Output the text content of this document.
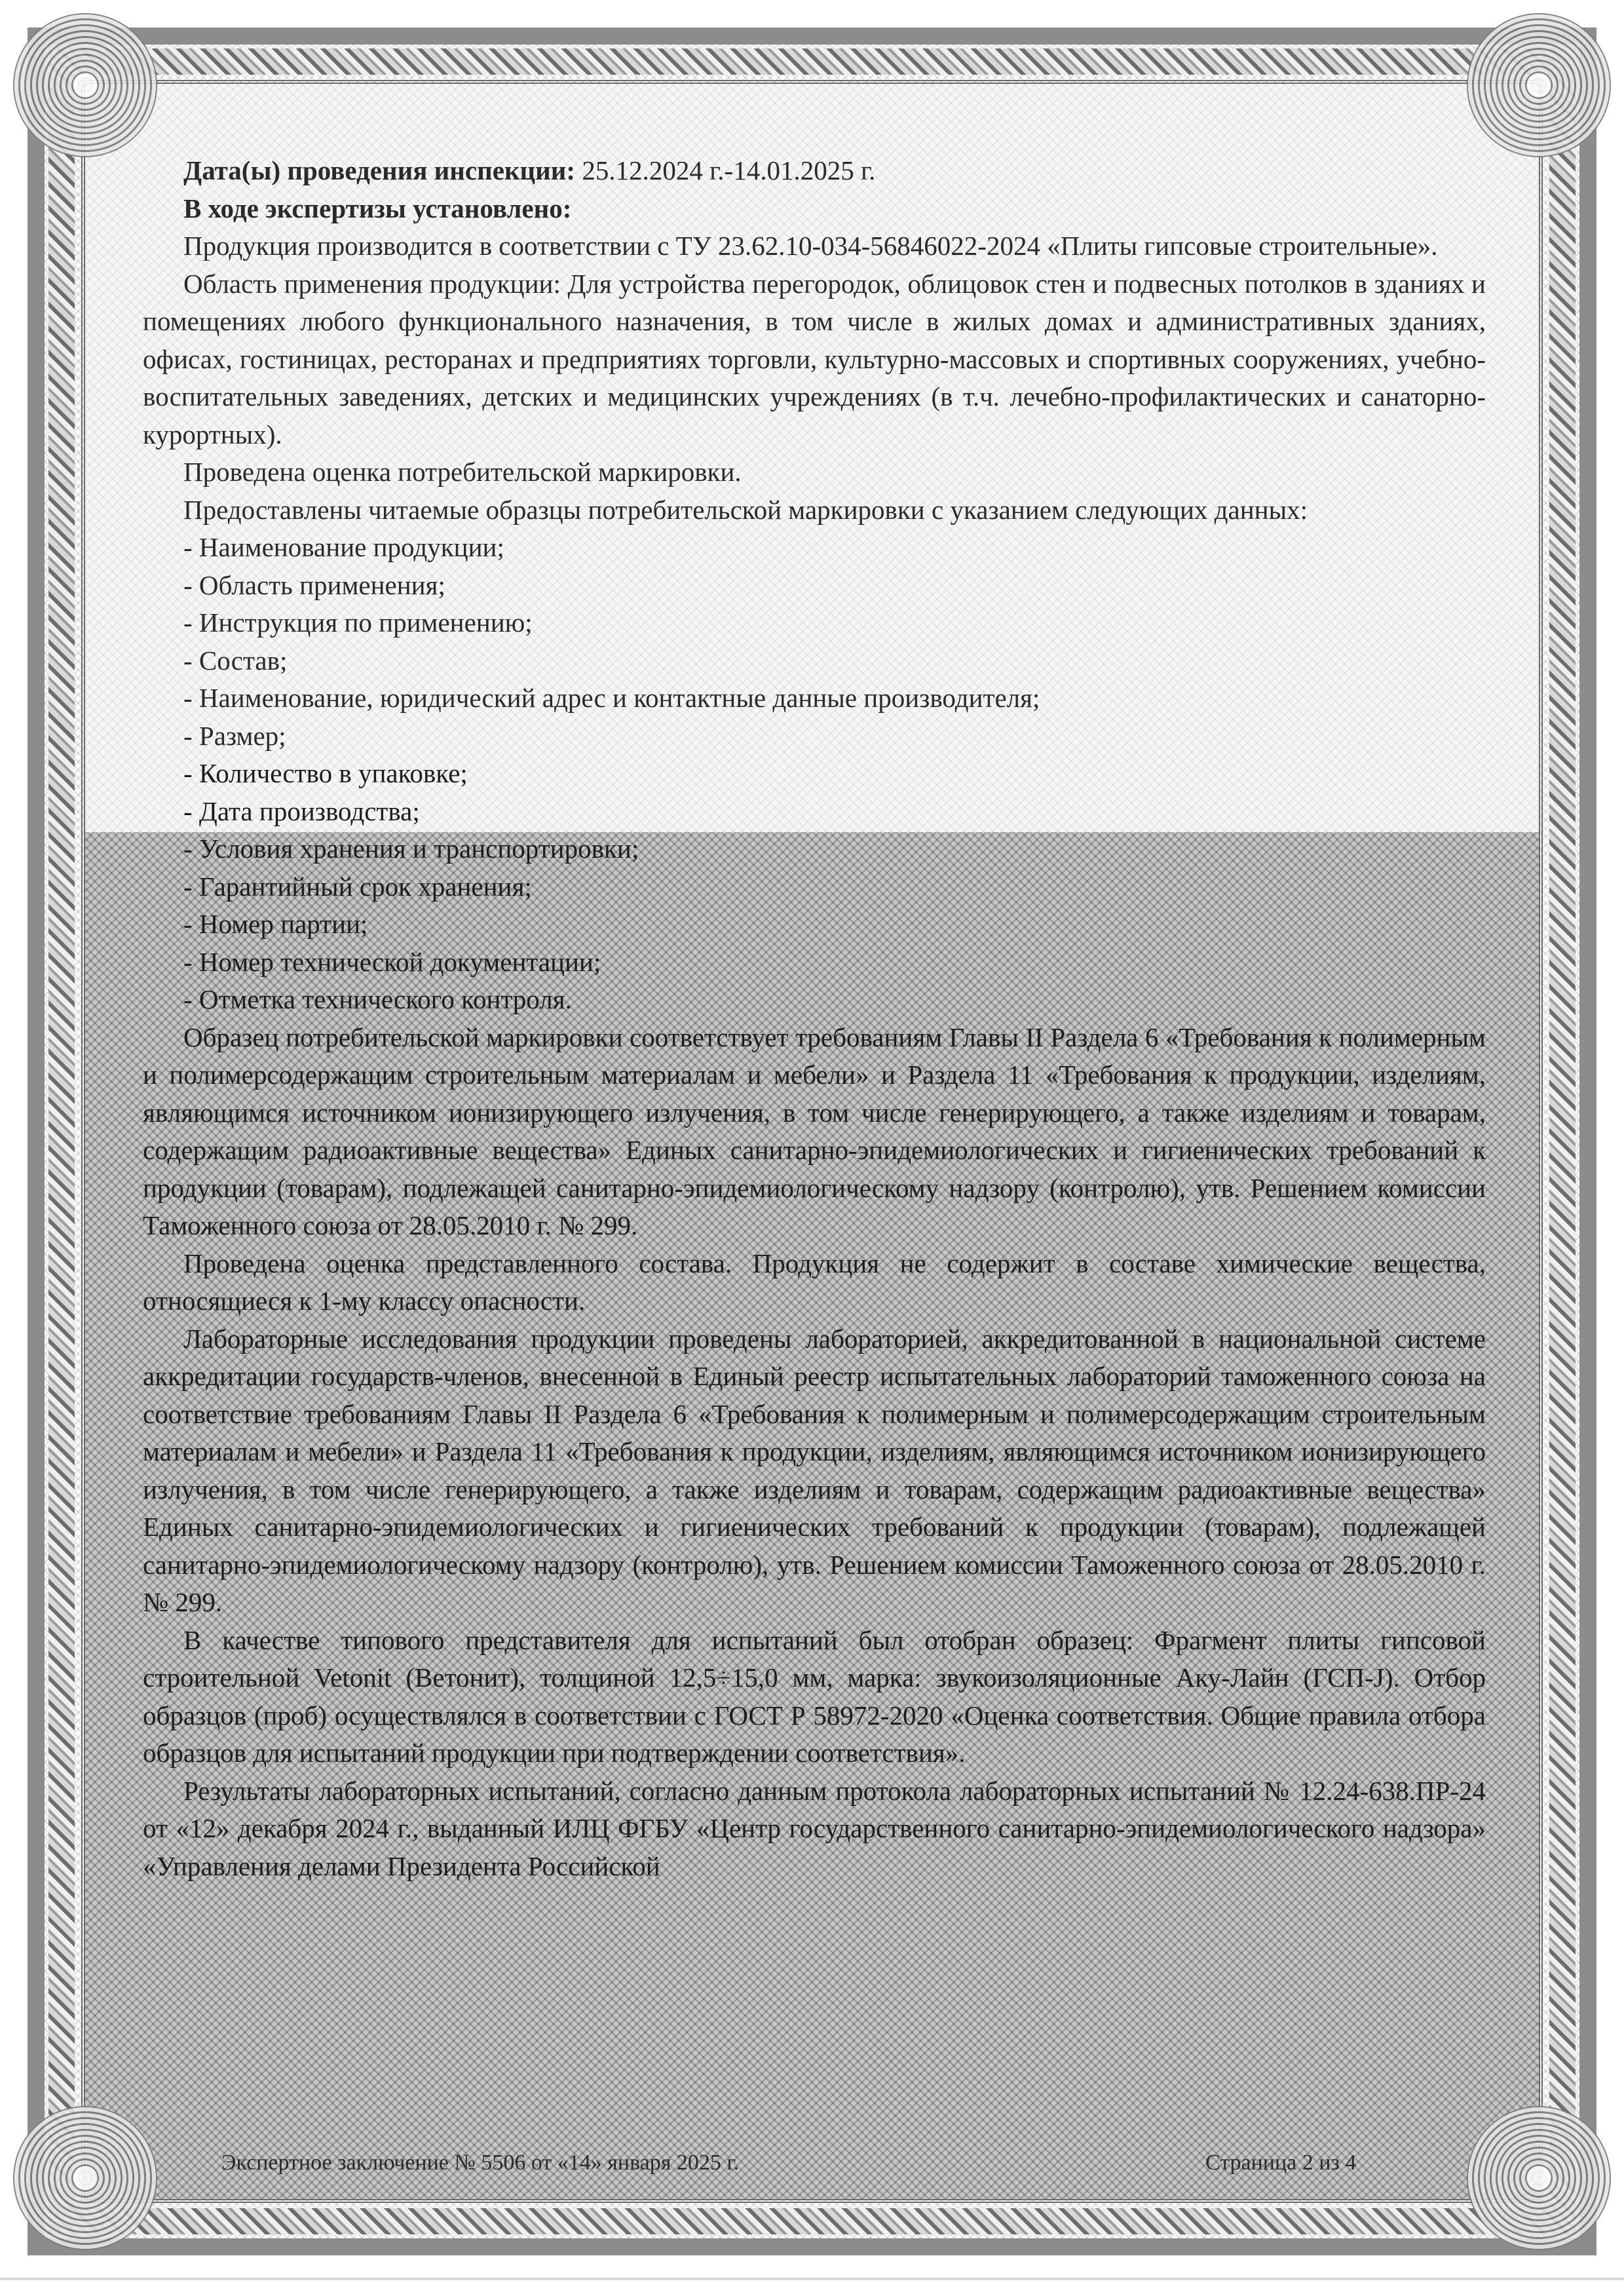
Дата(ы) проведения инспекции: 25.12.2024 г.-14.01.2025 г.

В ходе экспертизы установлено:

Продукция производится в соответствии с ТУ 23.62.10-034-56846022-2024 «Плиты гипсовые строительные».

Область применения продукции: Для устройства перегородок, облицовок стен и подвесных потолков в зданиях и помещениях любого функционального назначения, в том числе в жилых домах и административных зданиях, офисах, гостиницах, ресторанах и предприятиях торговли, культурно-массовых и спортивных сооружениях, учебно-воспитательных заведениях, детских и медицинских учреждениях (в т.ч. лечебно-профилактических и санаторно-курортных).

Проведена оценка потребительской маркировки.

Предоставлены читаемые образцы потребительской маркировки с указанием следующих данных:

- Наименование продукции;

- Область применения;

- Инструкция по применению;

- Состав;

- Наименование, юридический адрес и контактные данные производителя;

- Размер;

- Количество в упаковке;

- Дата производства;

- Условия хранения и транспортировки;

- Гарантийный срок хранения;

- Номер партии;

- Номер технической документации;

- Отметка технического контроля.

Образец потребительской маркировки соответствует требованиям Главы II Раздела 6 «Требования к полимерным и полимерсодержащим строительным материалам и мебели» и Раздела 11 «Требования к продукции, изделиям, являющимся источником ионизирующего излучения, в том числе генерирующего, а также изделиям и товарам, содержащим радиоактивные вещества» Единых санитарно-эпидемиологических и гигиенических требований к продукции (товарам), подлежащей санитарно-эпидемиологическому надзору (контролю), утв. Решением комиссии Таможенного союза от 28.05.2010 г. № 299.

Проведена оценка представленного состава. Продукция не содержит в составе химические вещества, относящиеся к 1-му классу опасности.

Лабораторные исследования продукции проведены лабораторией, аккредитованной в национальной системе аккредитации государств-членов, внесенной в Единый реестр испытательных лабораторий таможенного союза на соответствие требованиям Главы II Раздела 6 «Требования к полимерным и полимерсодержащим строительным материалам и мебели» и Раздела 11 «Требования к продукции, изделиям, являющимся источником ионизирующего излучения, в том числе генерирующего, а также изделиям и товарам, содержащим радиоактивные вещества» Единых санитарно-эпидемиологических и гигиенических требований к продукции (товарам), подлежащей санитарно-эпидемиологическому надзору (контролю), утв. Решением комиссии Таможенного союза от 28.05.2010 г. № 299.

В качестве типового представителя для испытаний был отобран образец: Фрагмент плиты гипсовой строительной Vetonit (Ветонит), толщиной 12,5÷15,0 мм, марка: звукоизоляционные Аку-Лайн (ГСП-J). Отбор образцов (проб) осуществлялся в соответствии с ГОСТ Р 58972-2020 «Оценка соответствия. Общие правила отбора образцов для испытаний продукции при подтверждении соответствия».

Результаты лабораторных испытаний, согласно данным протокола лабораторных испытаний № 12.24-638.ПР-24 от «12» декабря 2024 г., выданный ИЛЦ ФГБУ «Центр государственного санитарно-эпидемиологического надзора» «Управления делами Президента Российской

Экспертное заключение № 5506 от «14» января 2025 г.	Страница 2 из 4
